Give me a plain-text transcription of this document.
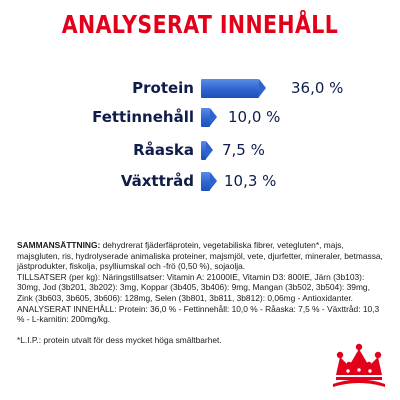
ANALYSERAT INNEHÅLL
Protein	36,0 %
Fettinnehåll 10,0 %
Råaska 7,5 %
Växttråd 10,3 %

SAMMANSÄTTNING: dehydrerat fjäderfäprotein, vegetabiliska fibrer, vetegluten*, majs, majsgluten, ris, hydrolyserade animaliska proteiner, majsmjöl, vete, djurfetter, mineraler, betmassa, jästprodukter, fiskolja, psylliumskal och -frö (0,50 %), sojaolja.

TILLSATSER (per kg): Näringstillsatser: Vitamin A: 21000IE, Vitamin D3: 800IE, Järn (3b103): 30mg, Jod (3b201, 3b202): 3mg, Koppar (3b405, 3b406): 9mg, Mangan (3b502, 3b504): 39mg, Zink (3b603, 3b605, 3b606): 128mg, Selen (3b801, 3b811, 3b812): 0,06mg - Antioxidanter.

ANALYSERAT INNEHÅLL: Protein: 36,0 % - Fettinnehåll: 10,0 % - Råaska: 7,5 % - Växttråd: 10,3 % - L-karnitin: 200mg/kg.

*L.I.P.: protein utvalt för dess mycket höga smältbarhet.
